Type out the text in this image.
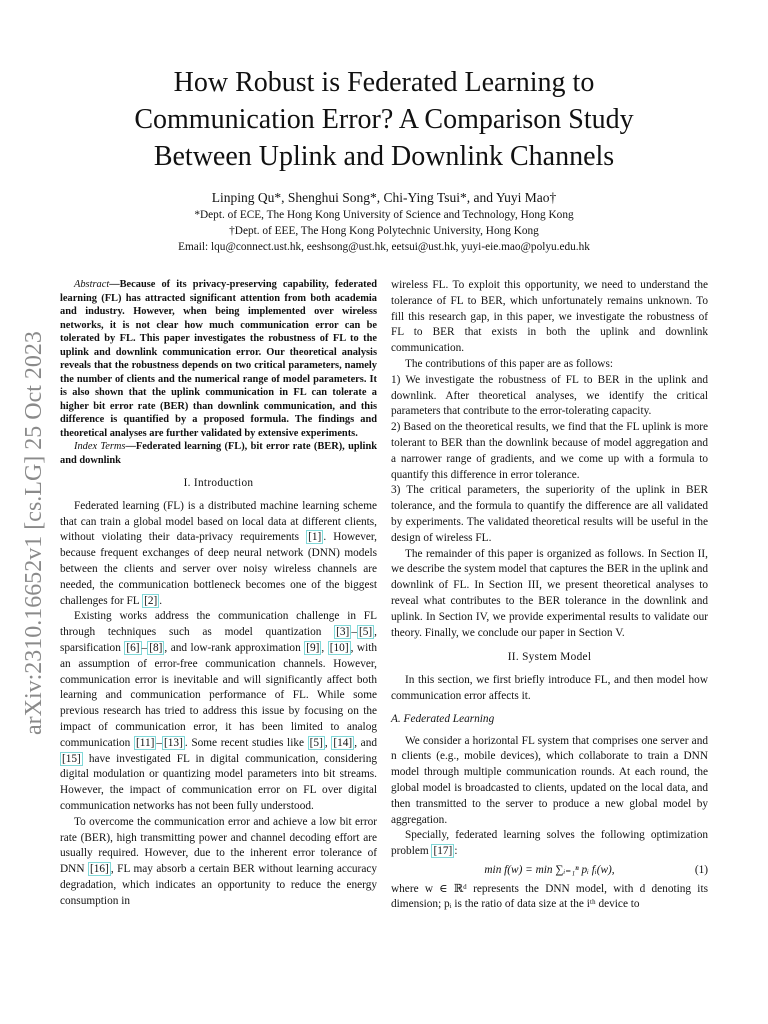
How Robust is Federated Learning to
Communication Error? A Comparison Study
Between Uplink and Downlink Channels
Linping Qu*, Shenghui Song*, Chi-Ying Tsui*, and Yuyi Mao†
*Dept. of ECE, The Hong Kong University of Science and Technology, Hong Kong
†Dept. of EEE, The Hong Kong Polytechnic University, Hong Kong
Email: lqu@connect.ust.hk, eeshsong@ust.hk, eetsui@ust.hk, yuyi-eie.mao@polyu.edu.hk
arXiv:2310.16652v1 [cs.LG] 25 Oct 2023

Abstract—Because of its privacy-preserving capability, federated learning (FL) has attracted significant attention from both academia and industry. However, when being implemented over wireless networks, it is not clear how much communication error can be tolerated by FL. This paper investigates the robustness of FL to the uplink and downlink communication error. Our theoretical analysis reveals that the robustness depends on two critical parameters, namely the number of clients and the numerical range of model parameters. It is also shown that the uplink communication in FL can tolerate a higher bit error rate (BER) than downlink communication, and this difference is quantified by a proposed formula. The findings and theoretical analyses are further validated by extensive experiments.

Index Terms—Federated learning (FL), bit error rate (BER), uplink and downlink

I. Introduction

Federated learning (FL) is a distributed machine learning scheme that can train a global model based on local data at different clients, without violating their data-privacy requirements [1] . However, because frequent exchanges of deep neural network (DNN) models between the clients and server over noisy wireless channels are needed, the communication bottleneck becomes one of the biggest challenges for FL [2] .

Existing works address the communication challenge in FL through techniques such as model quantization [3] – [5] , sparsification [6] – [8] , and low-rank approximation [9] , [10] , with an assumption of error-free communication channels. However, communication error is inevitable and will significantly affect both learning and communication performance of FL. While some previous research has tried to address this issue by focusing on the impact of communication error, it has been limited to analog communication [11] – [13] . Some recent studies like [5] , [14] , and [15] have investigated FL in digital communication, considering digital modulation or quantizing model parameters into bit streams. However, the impact of communication error on FL over digital communication networks has not been fully understood.

To overcome the communication error and achieve a low bit error rate (BER), high transmitting power and channel decoding effort are usually required. However, due to the inherent error tolerance of DNN [16] , FL may absorb a certain BER without learning accuracy degradation, which indicates an opportunity to reduce the energy consumption in

wireless FL. To exploit this opportunity, we need to understand the tolerance of FL to BER, which unfortunately remains unknown. To fill this research gap, in this paper, we investigate the robustness of FL to BER that exists in both the uplink and downlink communication.

The contributions of this paper are as follows:

1) We investigate the robustness of FL to BER in the uplink and downlink. After theoretical analyses, we identify the critical parameters that contribute to the error-tolerating capacity.

2) Based on the theoretical results, we find that the FL uplink is more tolerant to BER than the downlink because of model aggregation and a narrower range of gradients, and we come up with a formula to quantify this difference in error tolerance.

3) The critical parameters, the superiority of the uplink in BER tolerance, and the formula to quantify the difference are all validated by experiments. The validated theoretical results will be useful in the design of wireless FL.

The remainder of this paper is organized as follows. In Section II, we describe the system model that captures the BER in the uplink and downlink of FL. In Section III, we present theoretical analyses to reveal what contributes to the BER tolerance in the downlink and uplink. In Section IV, we provide experimental results to validate our theory. Finally, we conclude our paper in Section V.

II. System Model

In this section, we first briefly introduce FL, and then model how communication error affects it.

A. Federated Learning

We consider a horizontal FL system that comprises one server and n clients (e.g., mobile devices), which collaborate to train a DNN model through multiple communication rounds. At each round, the global model is broadcasted to clients, updated on the local data, and then transmitted to the server to produce a new global model by aggregation.

Specially, federated learning solves the following optimization problem [17] :

min f(w) = min ∑ᵢ₌₁ⁿ pᵢ fᵢ(w),	(1)

where w ∈ ℝᵈ represents the DNN model, with d denoting its dimension; pᵢ is the ratio of data size at the iᵗʰ device to
